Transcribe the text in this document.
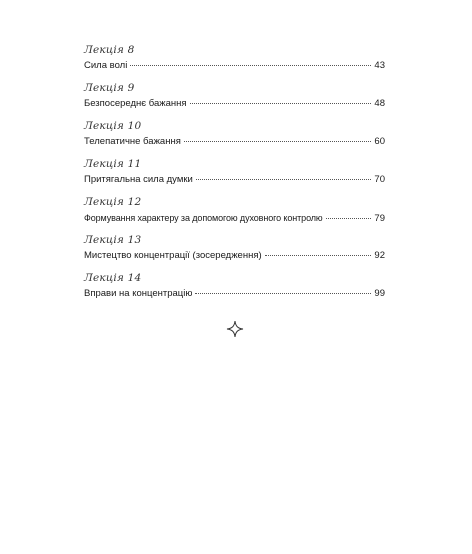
Лекція 8
Сила волі	43
Лекція 9
Безпосереднє бажання	48
Лекція 10
Телепатичне бажання	60
Лекція 11
Притягальна сила думки	70
Лекція 12
Формування характеру за допомогою духовного контролю	79
Лекція 13
Мистецтво концентрації (зосередження)	92
Лекція 14
Вправи на концентрацію	99
